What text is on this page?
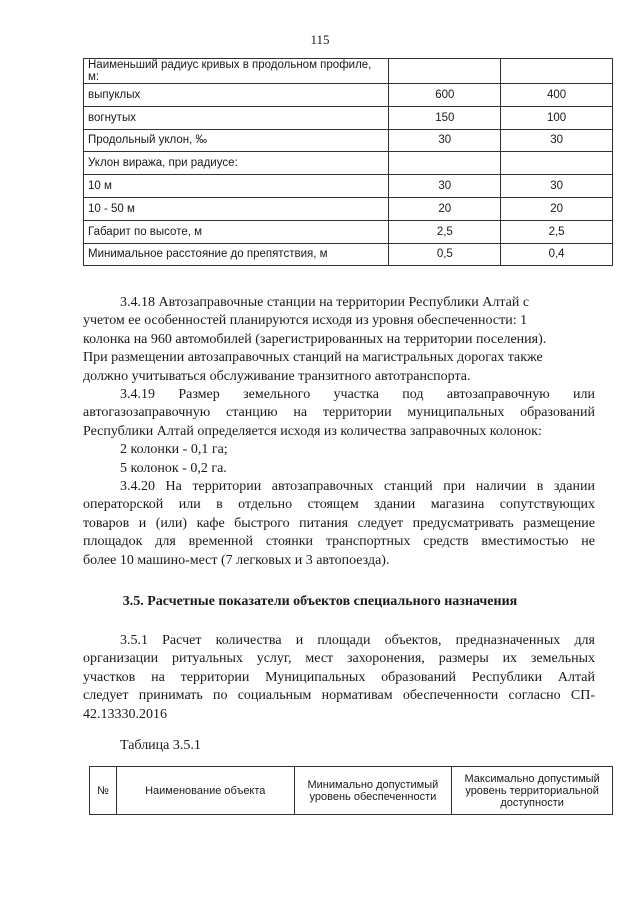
115
Наименьший радиус кривых в продольном профиле, м:		
выпуклых	600	400
вогнутых	150	100
Продольный уклон, ‰	30	30
Уклон виража, при радиусе:		
10 м	30	30
10 - 50 м	20	20
Габарит по высоте, м	2,5	2,5
Минимальное расстояние до препятствия, м	0,5	0,4
3.4.18 Автозаправочные станции на территории Республики Алтай с
учетом ее особенностей планируются исходя из уровня обеспеченности: 1
колонка на 960 автомобилей (зарегистрированных на территории поселения).
При размещении автозаправочных станций на магистральных дорогах также
должно учитываться обслуживание транзитного автотранспорта.
3.4.19 Размер земельного участка под автозаправочную или
автогазозаправочную станцию на территории муниципальных образований
Республики Алтай определяется исходя из количества заправочных колонок:
2 колонки - 0,1 га;
5 колонок - 0,2 га.
3.4.20 На территории автозаправочных станций при наличии в здании
операторской или в отдельно стоящем здании магазина сопутствующих
товаров и (или) кафе быстрого питания следует предусматривать размещение
площадок для временной стоянки транспортных средств вместимостью не
более 10 машино-мест (7 легковых и 3 автопоезда).
3.5. Расчетные показатели объектов специального назначения
3.5.1 Расчет количества и площади объектов, предназначенных для
организации ритуальных услуг, мест захоронения, размеры их земельных
участков на территории Муниципальных образований Республики Алтай
следует принимать по социальным нормативам обеспеченности согласно СП-
42.13330.2016
Таблица 3.5.1
№	Наименование объекта	Минимально допустимый уровень обеспеченности	Максимально допустимый уровень территориальной доступности
